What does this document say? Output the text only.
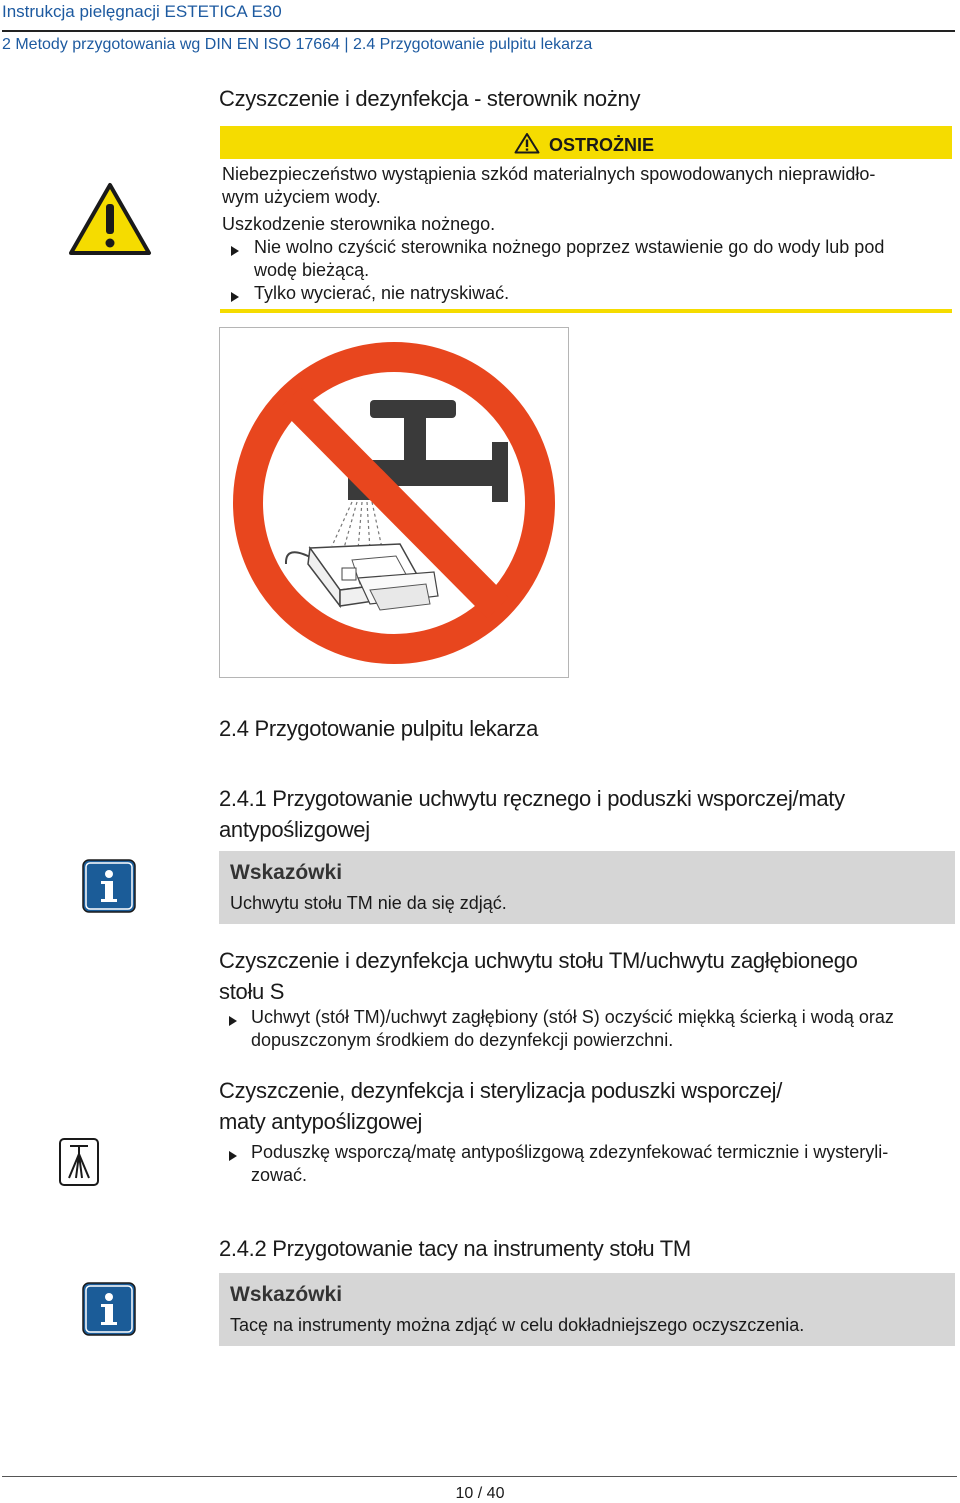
Instrukcja pielęgnacji ESTETICA E30
2 Metody przygotowania wg DIN EN ISO 17664 | 2.4 Przygotowanie pulpitu lekarza
Czyszczenie i dezynfekcja - sterownik nożny
OSTROŻNIE
Niebezpieczeństwo wystąpienia szkód materialnych spowodowanych nieprawidło-
wym użyciem wody.
Uszkodzenie sterownika nożnego.
Nie wolno czyścić sterownika nożnego poprzez wstawienie go do wody lub pod
wodę bieżącą.
Tylko wycierać, nie natryskiwać.
2.4 Przygotowanie pulpitu lekarza
2.4.1 Przygotowanie uchwytu ręcznego i poduszki wsporczej/maty
antypoślizgowej
Wskazówki
Uchwytu stołu TM nie da się zdjąć.
Czyszczenie i dezynfekcja uchwytu stołu TM/uchwytu zagłębionego
stołu S
Uchwyt (stół TM)/uchwyt zagłębiony (stół S) oczyścić miękką ścierką i wodą oraz
dopuszczonym środkiem do dezynfekcji powierzchni.
Czyszczenie, dezynfekcja i sterylizacja poduszki wsporczej/
maty antypoślizgowej
Poduszkę wsporczą/matę antypoślizgową zdezynfekować termicznie i wysteryli-
zować.
2.4.2 Przygotowanie tacy na instrumenty stołu TM
Wskazówki
Tacę na instrumenty można zdjąć w celu dokładniejszego oczyszczenia.
10 / 40
